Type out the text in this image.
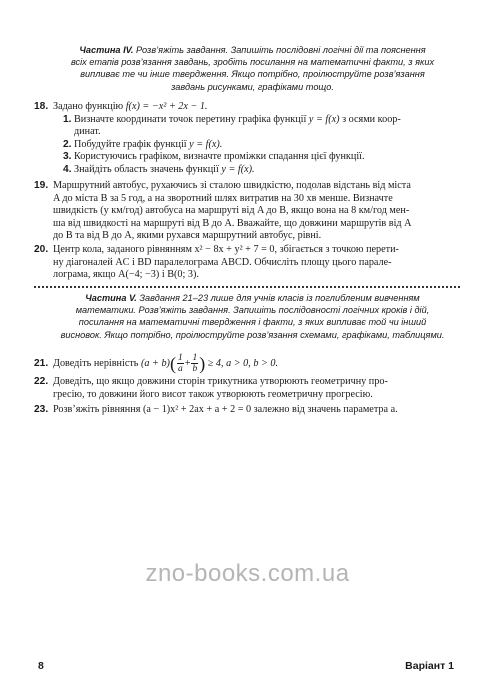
Частина IV. Розв’яжіть завдання. Запишіть послідовні логічні дії та пояснення
всіх етапів розв’язання завдань, зробіть посилання на математичні факти, з яких
випливає те чи інше твердження. Якщо потрібно, проілюструйте розв’язання
завдань рисунками, графіками тощо.
18. Задано функцію f(x) = −x² + 2x − 1.
1. Визначте координати точок перетину графіка функції y = f(x) з осями коор-
динат.
2. Побудуйте графік функції y = f(x).
3. Користуючись графіком, визначте проміжки спадання цієї функції.
4. Знайдіть область значень функції y = f(x).
19. Маршрутний автобус, рухаючись зі сталою швидкістю, подолав відстань від міста
A до міста B за 5 год, а на зворотний шлях витратив на 30 хв менше. Визначте
швидкість (у км/год) автобуса на маршруті від A до B, якщо вона на 8 км/год мен-
ша від швидкості на маршруті від B до A. Вважайте, що довжини маршрутів від A
до B та від B до A, якими рухався маршрутний автобус, рівні.
20. Центр кола, заданого рівнянням x² − 8x + y² + 7 = 0, збігається з точкою перети-
ну діагоналей AC і BD паралелограма ABCD. Обчисліть площу цього парале-
лограма, якщо A(−4; −3) і B(0; 3).
Частина V. Завдання 21–23 лише для учнів класів із поглибленим вивченням
математики. Розв’яжіть завдання. Запишіть послідовності логічних кроків і дій,
посилання на математичні твердження і факти, з яких випливає той чи інший
висновок. Якщо потрібно, проілюструйте розв’язання схемами, графіками, таблицями.
21. Доведіть нерівність $(a + b)( \frac{1}{a} + \frac{1}{b}$ ) ≥ 4, a > 0, b > 0.
22. Доведіть, що якщо довжини сторін трикутника утворюють геометричну про-
гресію, то довжини його висот також утворюють геометричну прогресію.
23. Розв’яжіть рівняння (a − 1)x² + 2ax + a + 2 = 0 залежно від значень параметра a.
zno-books.com.ua
8	Варіант 1
